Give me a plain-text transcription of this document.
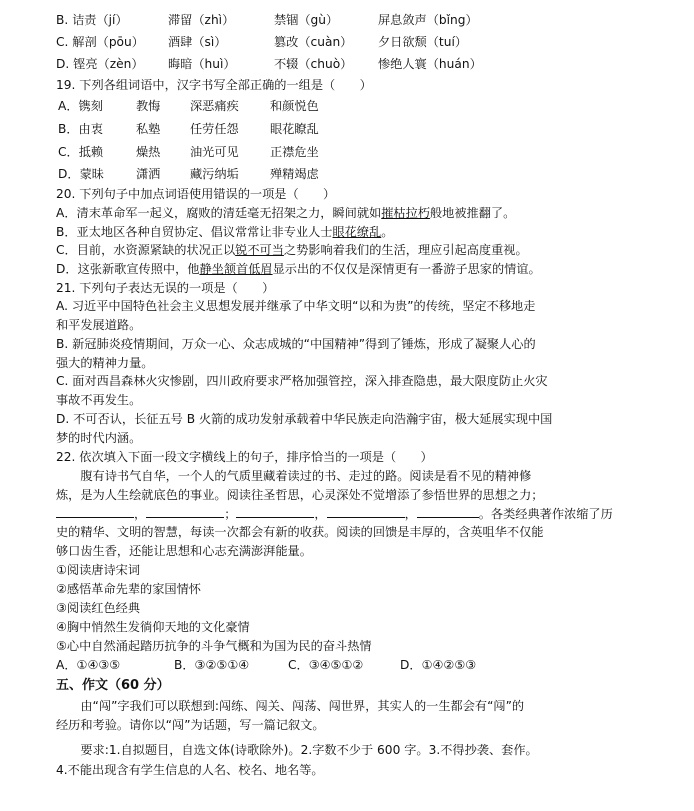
B. 诘责（jí）	滞留（zhì）	禁锢（gù）	屏息敛声（bǐng）
C. 解剖（pōu） 酒肆（sì）	篡改（cuàn） 夕日欲颓（tuí）
D. 铿亮（zèn） 晦暗（huì）	不辍（chuò） 惨绝人寰（huán）
19. 下列各组词语中，汉字书写全部正确的一组是（　　）
A．镌刻	教悔 深恶痛疾	和颜悦色
B．由衷	私塾 任劳任怨	眼花瞭乱
C．抵赖	燥热 油光可见	正襟危坐
D．蒙昧	潇洒 藏污纳垢	殚精竭虑
20. 下列句子中加点词语使用错误的一项是（　　）
A．清末革命军一起义，腐败的清廷毫无招架之力，瞬间就如摧枯拉朽般地被推翻了。
B．亚太地区各种自贸协定、倡议常常让非专业人士眼花缭乱。
C．目前，水资源紧缺的状况正以锐不可当之势影响着我们的生活，理应引起高度重视。
D．这张新歌宣传照中，他静坐颔首低眉显示出的不仅仅是深情更有一番游子思家的情谊。
21. 下列句子表达无误的一项是（　　）
A. 习近平中国特色社会主义思想发展并继承了中华文明“以和为贵”的传统，坚定不移地走
和平发展道路。
B. 新冠肺炎疫情期间，万众一心、众志成城的“中国精神”得到了锤炼，形成了凝聚人心的
强大的精神力量。
C. 面对西昌森林火灾惨剧，四川政府要求严格加强管控，深入排查隐患，最大限度防止火灾
事故不再发生。
D. 不可否认，长征五号 B 火箭的成功发射承载着中华民族走向浩瀚宇宙，极大延展实现中国
梦的时代内涵。
22. 依次填入下面一段文字横线上的句子，排序恰当的一项是（　　）
　　腹有诗书气自华，一个人的气质里藏着读过的书、走过的路。阅读是看不见的精神修
炼，是为人生绘就底色的事业。阅读往圣哲思，心灵深处不觉增添了参悟世界的思想之力；
，	；	，	，	。各类经典著作浓缩了历
史的精华、文明的智慧，每读一次都会有新的收获。阅读的回馈是丰厚的，含英咀华不仅能
够口齿生香，还能让思想和心志充满澎湃能量。
①阅读唐诗宋词
②感悟革命先辈的家国情怀
③阅读红色经典
④胸中悄然生发徜仰天地的文化豪情
⑤心中自然涌起踏历抗争的斗争气概和为国为民的奋斗热情
A．①④③⑤	B．③②⑤①④	C．③④⑤①②	D．①④②⑤③
五、作文（60 分）
　　由“闯”字我们可以联想到:闯练、闯关、闯荡、闯世界，其实人的一生都会有“闯”的
经历和考验。请你以“闯”为话题，写一篇记叙文。
　　要求:1.自拟题目，自选文体(诗歌除外)。2.字数不少于 600 字。3.不得抄袭、套作。
4.不能出现含有学生信息的人名、校名、地名等。
